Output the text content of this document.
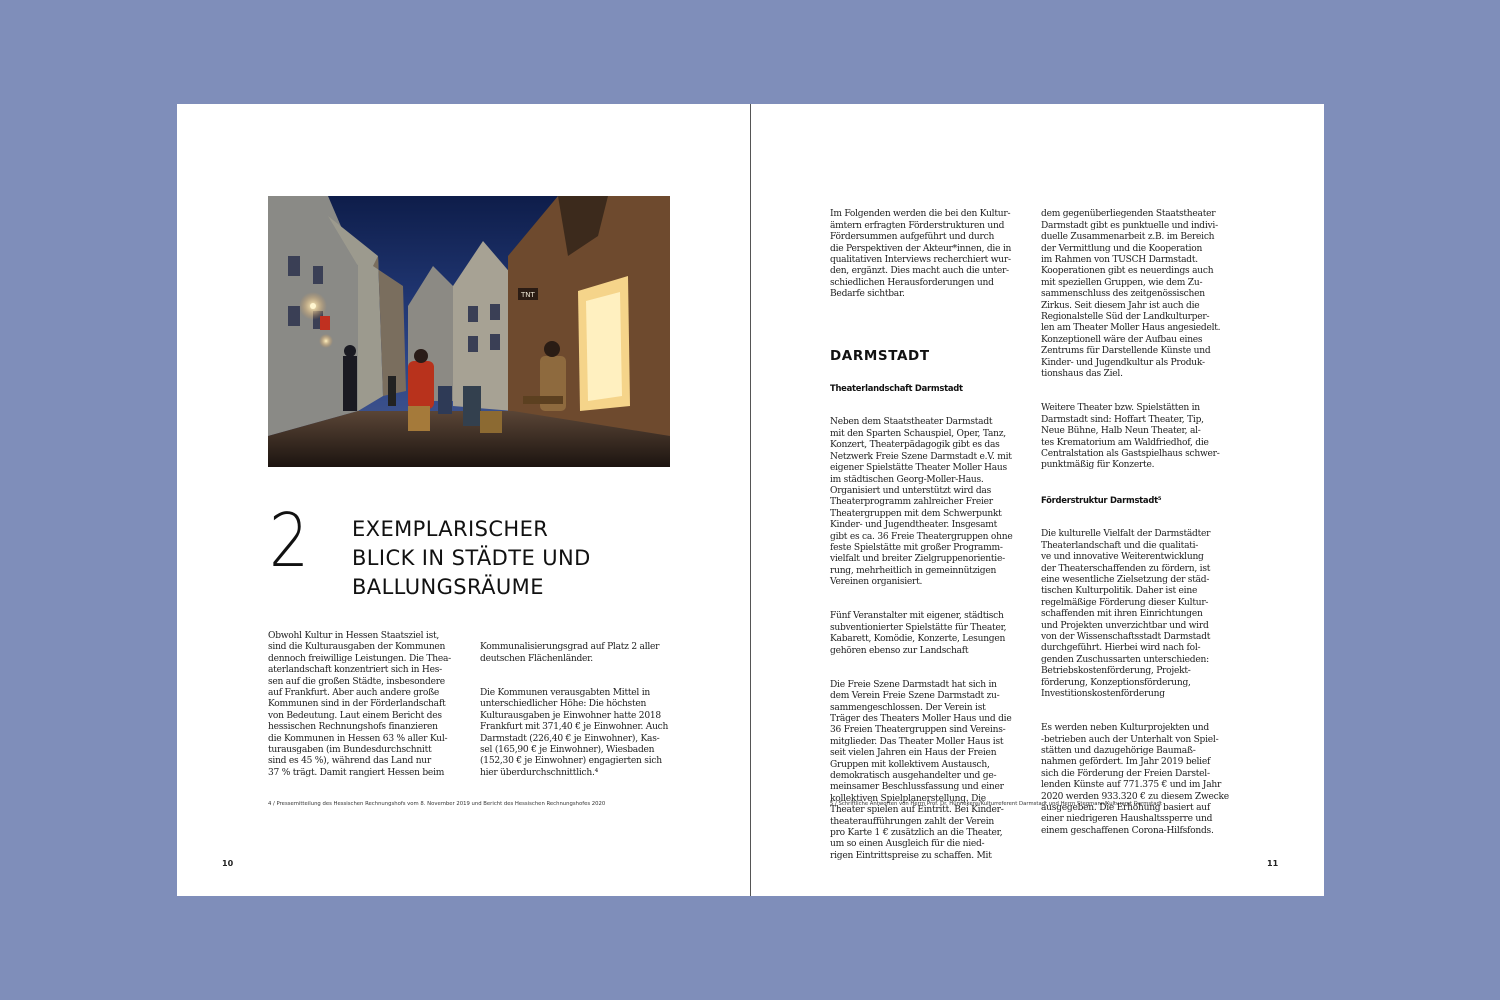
TNT
2 EXEMPLARISCHER
BLICK IN STÄDTE UND
BALLUNGSRÄUME
Obwohl Kultur in Hessen Staatsziel ist,
sind die Kulturausgaben der Kommunen
dennoch freiwillige Leistungen. Die Thea-
aterlandschaft konzentriert sich in Hes-
sen auf die großen Städte, insbesondere
auf Frankfurt. Aber auch andere große
Kommunen sind in der Förderlandschaft
von Bedeutung. Laut einem Bericht des
hessischen Rechnungshofs finanzieren
die Kommunen in Hessen 63 % aller Kul-
turausgaben (im Bundesdurchschnitt
sind es 45 %), während das Land nur
37 % trägt. Damit rangiert Hessen beim

Kommunalisierungsgrad auf Platz 2 aller
deutschen Flächenländer.

Die Kommunen verausgabten Mittel in
unterschiedlicher Höhe: Die höchsten
Kulturausgaben je Einwohner hatte 2018
Frankfurt mit 371,40 € je Einwohner. Auch
Darmstadt (226,40 € je Einwohner), Kas-
sel (165,90 € je Einwohner), Wiesbaden
(152,30 € je Einwohner) engagierten sich
hier überdurchschnittlich.⁴

4 / Pressemitteilung des Hessischen Rechnungshofs vom 8. November 2019 und Bericht des Hessischen Rechnungshofes 2020
10

Im Folgenden werden die bei den Kultur-
ämtern erfragten Förderstrukturen und
Fördersummen aufgeführt und durch
die Perspektiven der Akteur*innen, die in
qualitativen Interviews recherchiert wur-
den, ergänzt. Dies macht auch die unter-
schiedlichen Herausforderungen und
Bedarfe sichtbar.

DARMSTADT

Theaterlandschaft Darmstadt

Neben dem Staatstheater Darmstadt
mit den Sparten Schauspiel, Oper, Tanz,
Konzert, Theaterpädagogik gibt es das
Netzwerk Freie Szene Darmstadt e.V. mit
eigener Spielstätte Theater Moller Haus
im städtischen Georg-Moller-Haus.
Organisiert und unterstützt wird das
Theaterprogramm zahlreicher Freier
Theatergruppen mit dem Schwerpunkt
Kinder- und Jugendtheater. Insgesamt
gibt es ca. 36 Freie Theatergruppen ohne
feste Spielstätte mit großer Programm-
vielfalt und breiter Zielgruppenorientie-
rung, mehrheitlich in gemeinnützigen
Vereinen organisiert.

Fünf Veranstalter mit eigener, städtisch
subventionierter Spielstätte für Theater,
Kabarett, Komödie, Konzerte, Lesungen
gehören ebenso zur Landschaft

Die Freie Szene Darmstadt hat sich in
dem Verein Freie Szene Darmstadt zu-
sammengeschlossen. Der Verein ist
Träger des Theaters Moller Haus und die
36 Freien Theatergruppen sind Vereins-
mitglieder. Das Theater Moller Haus ist
seit vielen Jahren ein Haus der Freien
Gruppen mit kollektivem Austausch,
demokratisch ausgehandelter und ge-
meinsamer Beschlussfassung und einer
kollektiven Spielplanerstellung. Die
Theater spielen auf Eintritt. Bei Kinder-
theateraufführungen zahlt der Verein
pro Karte 1 € zusätzlich an die Theater,
um so einen Ausgleich für die nied-
rigen Eintrittspreise zu schaffen. Mit

dem gegenüberliegenden Staatstheater
Darmstadt gibt es punktuelle und indivi-
duelle Zusammenarbeit z.B. im Bereich
der Vermittlung und die Kooperation
im Rahmen von TUSCH Darmstadt.
Kooperationen gibt es neuerdings auch
mit speziellen Gruppen, wie dem Zu-
sammenschluss des zeitgenössischen
Zirkus. Seit diesem Jahr ist auch die
Regionalstelle Süd der Landkulturper-
len am Theater Moller Haus angesiedelt.
Konzeptionell wäre der Aufbau eines
Zentrums für Darstellende Künste und
Kinder- und Jugendkultur als Produk-
tionshaus das Ziel.

Weitere Theater bzw. Spielstätten in
Darmstadt sind: Hoffart Theater, Tip,
Neue Bühne, Halb Neun Theater, al-
tes Krematorium am Waldfriedhof, die
Centralstation als Gastspielhaus schwer-
punktmäßig für Konzerte.

Förderstruktur Darmstadt⁵

Die kulturelle Vielfalt der Darmstädter
Theaterlandschaft und die qualitati-
ve und innovative Weiterentwicklung
der Theaterschaffenden zu fördern, ist
eine wesentliche Zielsetzung der städ-
tischen Kulturpolitik. Daher ist eine
regelmäßige Förderung dieser Kultur-
schaffenden mit ihren Einrichtungen
und Projekten unverzichtbar und wird
von der Wissenschaftsstadt Darmstadt
durchgeführt. Hierbei wird nach fol-
genden Zuschussarten unterschieden:
Betriebskostenförderung, Projekt-
förderung, Konzeptionsförderung,
Investitionskostenförderung

Es werden neben Kulturprojekten und
-betrieben auch der Unterhalt von Spiel-
stätten und dazugehörige Baumaß-
nahmen gefördert. Im Jahr 2019 belief
sich die Förderung der Freien Darstel-
lenden Künste auf 771.375 € und im Jahr
2020 werden 933.320 € zu diesem Zwecke
ausgegeben. Die Erhöhung basiert auf
einer niedrigeren Haushaltssperre und
einem geschaffenen Corona-Hilfsfonds.

5 / Schriftliche Antworten von Herrn Prof. Dr. Hünnekens/Kulturreferent Darmstadt und Herrn Stegmann/Kulturamt Darmstadt
11
